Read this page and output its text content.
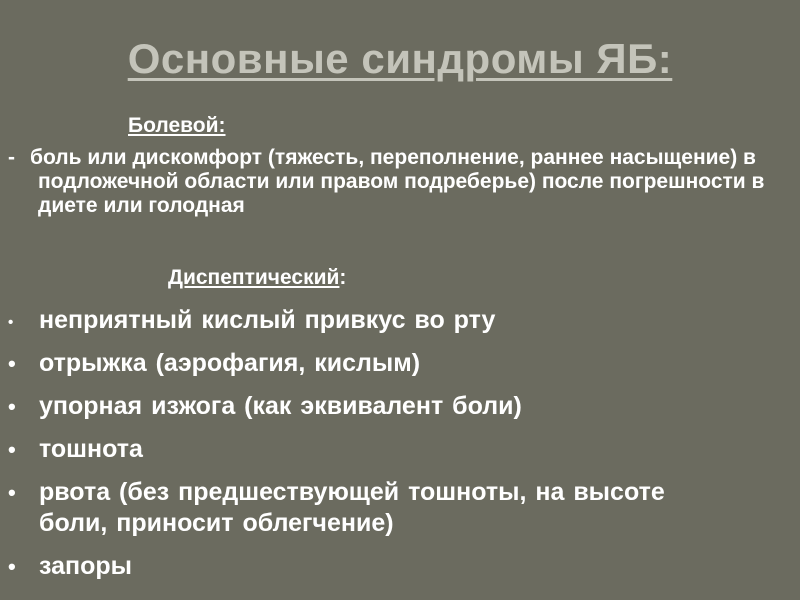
Основные синдромы ЯБ:
Болевой:
- боль или дискомфорт (тяжесть, переполнение, раннее насыщение) в подложечной области или правом подреберье) после погрешности в диете или голодная
Диспептический:
• неприятный кислый привкус во рту
• отрыжка (аэрофагия, кислым)
• упорная изжога (как эквивалент боли)
• тошнота
• рвота (без предшествующей тошноты, на высоте боли, приносит облегчение)
• запоры
